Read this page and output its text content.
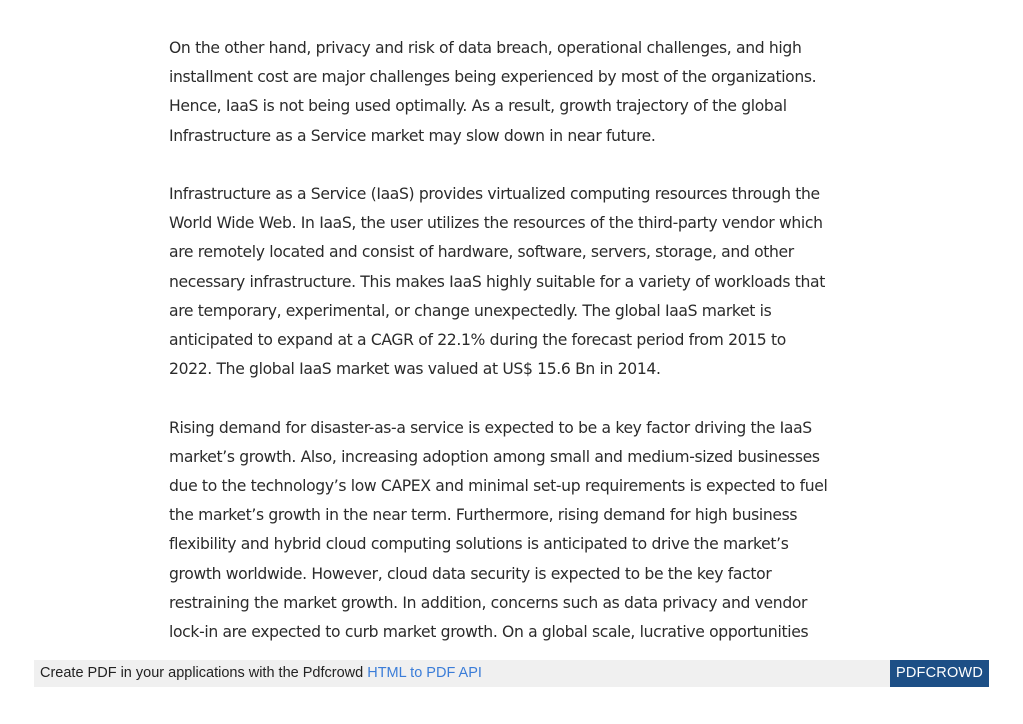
On the other hand, privacy and risk of data breach, operational challenges, and high
installment cost are major challenges being experienced by most of the organizations.
Hence, IaaS is not being used optimally. As a result, growth trajectory of the global
Infrastructure as a Service market may slow down in near future.

Infrastructure as a Service (IaaS) provides virtualized computing resources through the
World Wide Web. In IaaS, the user utilizes the resources of the third-party vendor which
are remotely located and consist of hardware, software, servers, storage, and other
necessary infrastructure. This makes IaaS highly suitable for a variety of workloads that
are temporary, experimental, or change unexpectedly. The global IaaS market is
anticipated to expand at a CAGR of 22.1% during the forecast period from 2015 to
2022. The global IaaS market was valued at US$ 15.6 Bn in 2014.

Rising demand for disaster-as-a service is expected to be a key factor driving the IaaS
market’s growth. Also, increasing adoption among small and medium-sized businesses
due to the technology’s low CAPEX and minimal set-up requirements is expected to fuel
the market’s growth in the near term. Furthermore, rising demand for high business
flexibility and hybrid cloud computing solutions is anticipated to drive the market’s
growth worldwide. However, cloud data security is expected to be the key factor
restraining the market growth. In addition, concerns such as data privacy and vendor
lock-in are expected to curb market growth. On a global scale, lucrative opportunities

Create PDF in your applications with the Pdfcrowd HTML to PDF API	PDFCROWD
